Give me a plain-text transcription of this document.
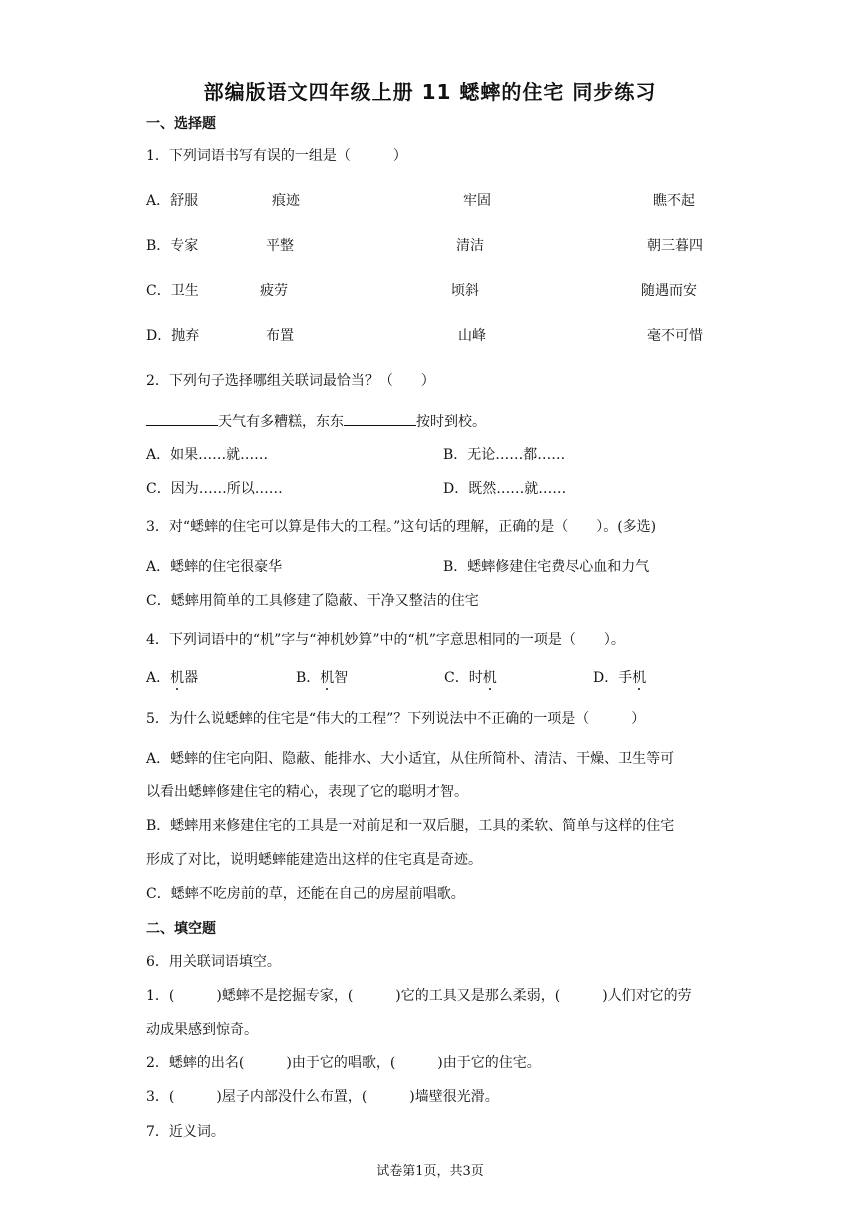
部编版语文四年级上册 11 蟋蟀的住宅 同步练习
一、选择题
1．下列词语书写有误的一组是（　　　）
A．舒服	痕迹	牢固	瞧不起
B．专家	平整	清洁	朝三暮四
C．卫生	疲劳	顷斜	随遇而安
D．抛弃	布置	山峰	毫不可惜
2．下列句子选择哪组关联词最恰当？（　　）
天气有多糟糕，东东	按时到校。
A．如果……就……	B．无论……都……
C．因为……所以……	D．既然……就……
3．对“蟋蟀的住宅可以算是伟大的工程。”这句话的理解，正确的是（　　）。(多选)
A．蟋蟀的住宅很豪华	B．蟋蟀修建住宅费尽心血和力气
C．蟋蟀用简单的工具修建了隐蔽、干净又整洁的住宅
4．下列词语中的“机”字与“神机妙算”中的“机”字意思相同的一项是（　　）。
A．机器	B．机智	C．时机	D．手机
5．为什么说蟋蟀的住宅是“伟大的工程”？下列说法中不正确的一项是（　　　）
A．蟋蟀的住宅向阳、隐蔽、能排水、大小适宜，从住所简朴、清洁、干燥、卫生等可
以看出蟋蟀修建住宅的精心，表现了它的聪明才智。
B．蟋蟀用来修建住宅的工具是一对前足和一双后腿，工具的柔软、简单与这样的住宅
形成了对比，说明蟋蟀能建造出这样的住宅真是奇迹。
C．蟋蟀不吃房前的草，还能在自己的房屋前唱歌。
二、填空题
6．用关联词语填空。
1．(　　　)蟋蟀不是挖掘专家，(　　　)它的工具又是那么柔弱，(　　　)人们对它的劳
动成果感到惊奇。
2．蟋蟀的出名(　　　)由于它的唱歌，(　　　)由于它的住宅。
3．(　　　)屋子内部没什么布置，(　　　)墙壁很光滑。
7．近义词。
试卷第1页，共3页
